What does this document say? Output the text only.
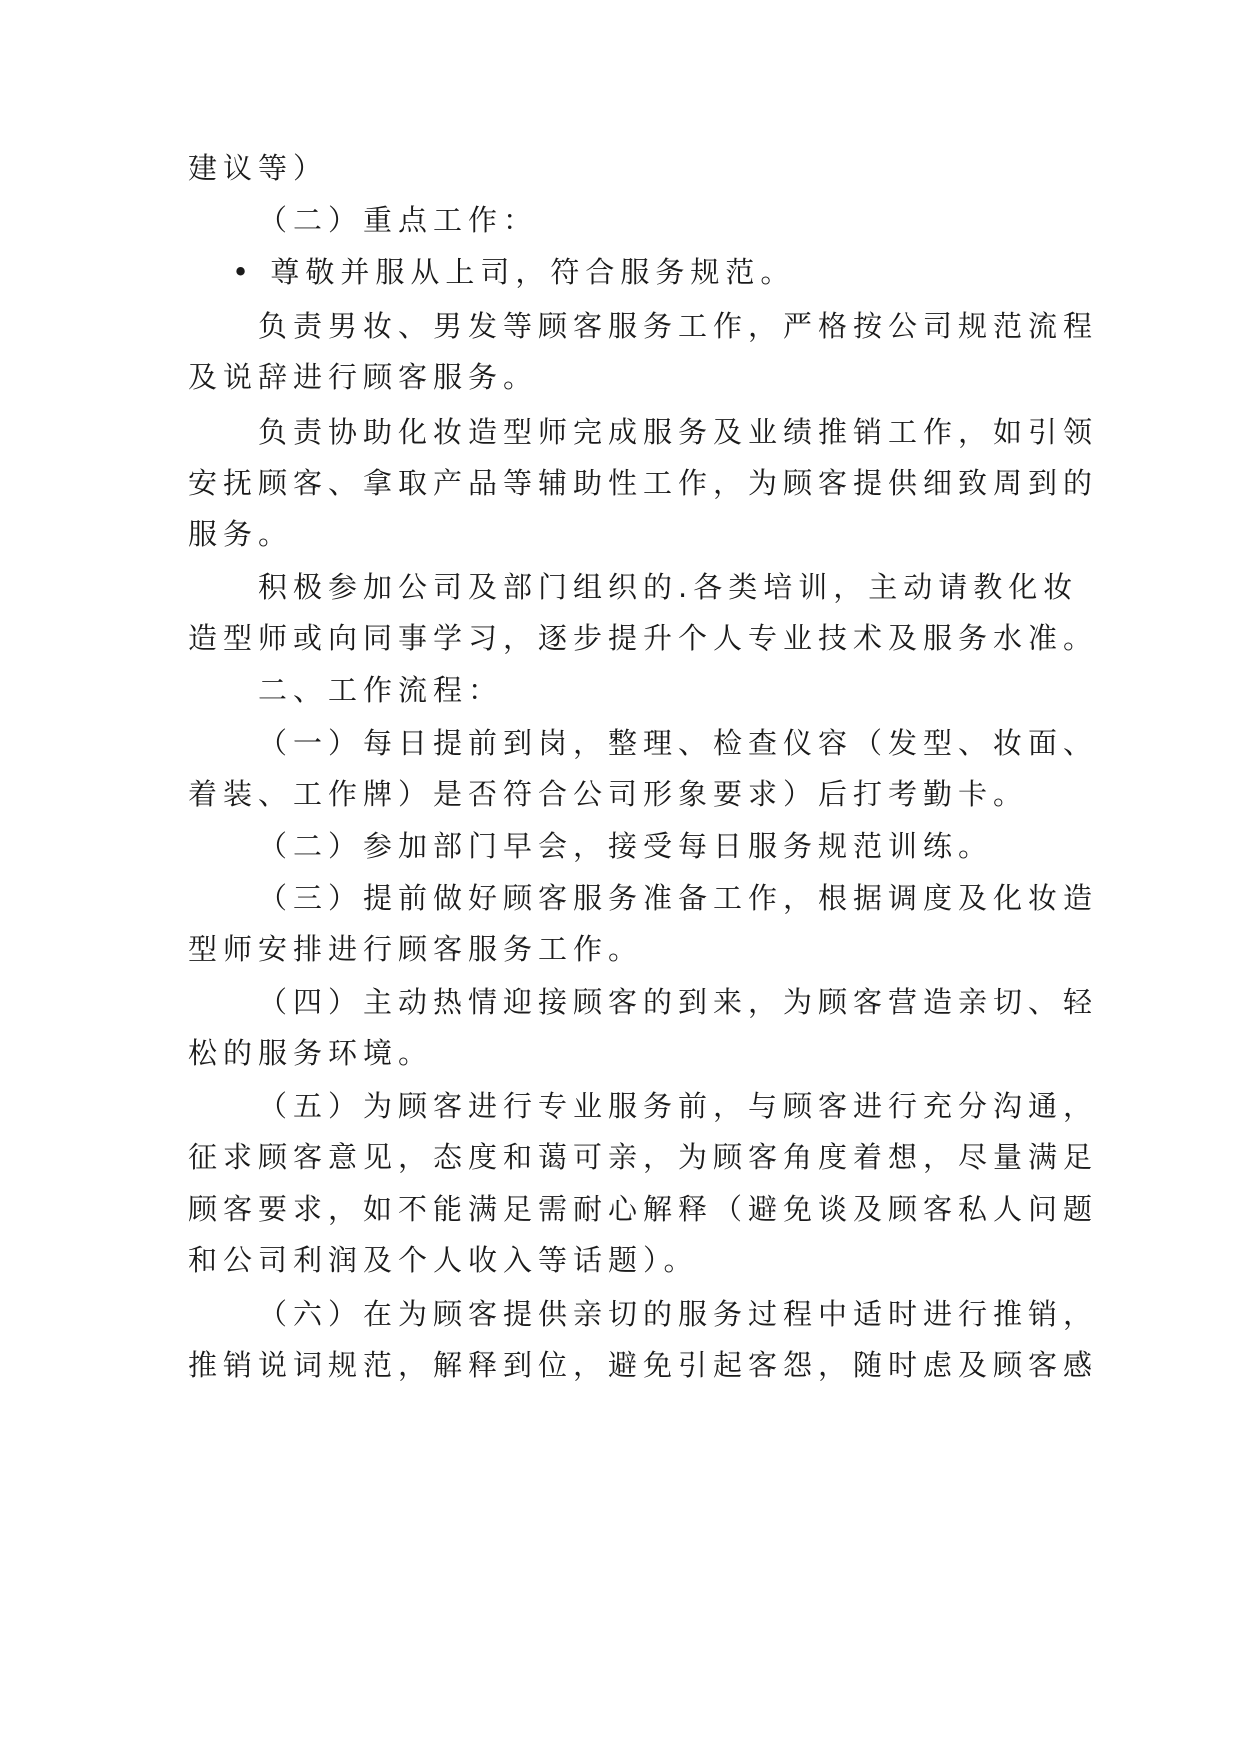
建议等）

（二）重点工作：

• 尊敬并服从上司，符合服务规范。

负责男妆、男发等顾客服务工作，严格按公司规范流程

及说辞进行顾客服务。

负责协助化妆造型师完成服务及业绩推销工作，如引领

安抚顾客、拿取产品等辅助性工作，为顾客提供细致周到的

服务。

积极参加公司及部门组织的.各类培训，主动请教化妆

造型师或向同事学习，逐步提升个人专业技术及服务水准。

二、工作流程：

（一）每日提前到岗，整理、检查仪容（发型、妆面、

着装、工作牌）是否符合公司形象要求）后打考勤卡。

（二）参加部门早会，接受每日服务规范训练。

（三）提前做好顾客服务准备工作，根据调度及化妆造

型师安排进行顾客服务工作。

（四）主动热情迎接顾客的到来，为顾客营造亲切、轻

松的服务环境。

（五）为顾客进行专业服务前，与顾客进行充分沟通，

征求顾客意见，态度和蔼可亲，为顾客角度着想，尽量满足

顾客要求，如不能满足需耐心解释（避免谈及顾客私人问题

和公司利润及个人收入等话题）。

（六）在为顾客提供亲切的服务过程中适时进行推销，

推销说词规范，解释到位，避免引起客怨，随时虑及顾客感
